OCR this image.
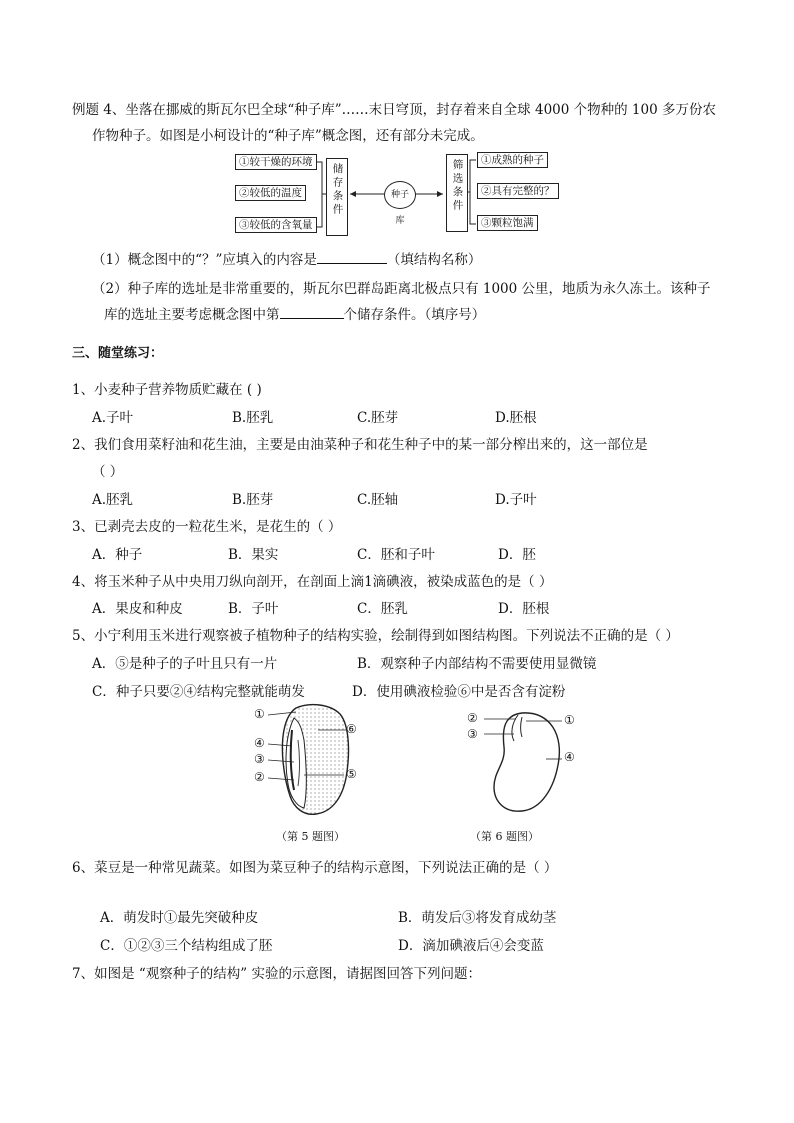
例题 4、坐落在挪威的斯瓦尔巴全球“种子库”……末日穹顶，封存着来自全球 4000 个物种的 100 多万份农
作物种子。如图是小柯设计的“种子库”概念图，还有部分未完成。
①较干燥的环境
②较低的温度
③较低的含氧量
储存条件	种子库
筛选条件	①成熟的种子
②具有完整的？
③颗粒饱满
（1）概念图中的“？”应填入的内容是	（填结构名称）
（2）种子库的选址是非常重要的，斯瓦尔巴群岛距离北极点只有 1000 公里，地质为永久冻土。该种子
库的选址主要考虑概念图中第	个储存条件。（填序号）
三、随堂练习：
1、小麦种子营养物质贮藏在 ( )
A.子叶	B.胚乳	C.胚芽	D.胚根
2、我们食用菜籽油和花生油，主要是由油菜种子和花生种子中的某一部分榨出来的，这一部位是
（ ）
A.胚乳	B.胚芽	C.胚轴	D.子叶
3、已剥壳去皮的一粒花生米，是花生的（ ）
A．种子	B．果实	C．胚和子叶	D．胚
4、将玉米种子从中央用刀纵向剖开，在剖面上滴1滴碘液，被染成蓝色的是（ ）
A．果皮和种皮	B．子叶	C．胚乳	D．胚根
5、小宁利用玉米进行观察被子植物种子的结构实验，绘制得到如图结构图。下列说法不正确的是（ ）
A．⑤是种子的子叶且只有一片	B．观察种子内部结构不需要使用显微镜
C．种子只要②④结构完整就能萌发	D．使用碘液检验⑥中是否含有淀粉
①
④
③
②
⑥
⑤
（第 5 题图）
②
③
①
④
（第 6 题图）
6、菜豆是一种常见蔬菜。如图为菜豆种子的结构示意图，下列说法正确的是（ ）
A．萌发时①最先突破种皮	B．萌发后③将发育成幼茎
C．①②③三个结构组成了胚	D．滴加碘液后④会变蓝
7、如图是 “观察种子的结构” 实验的示意图，请据图回答下列问题：
